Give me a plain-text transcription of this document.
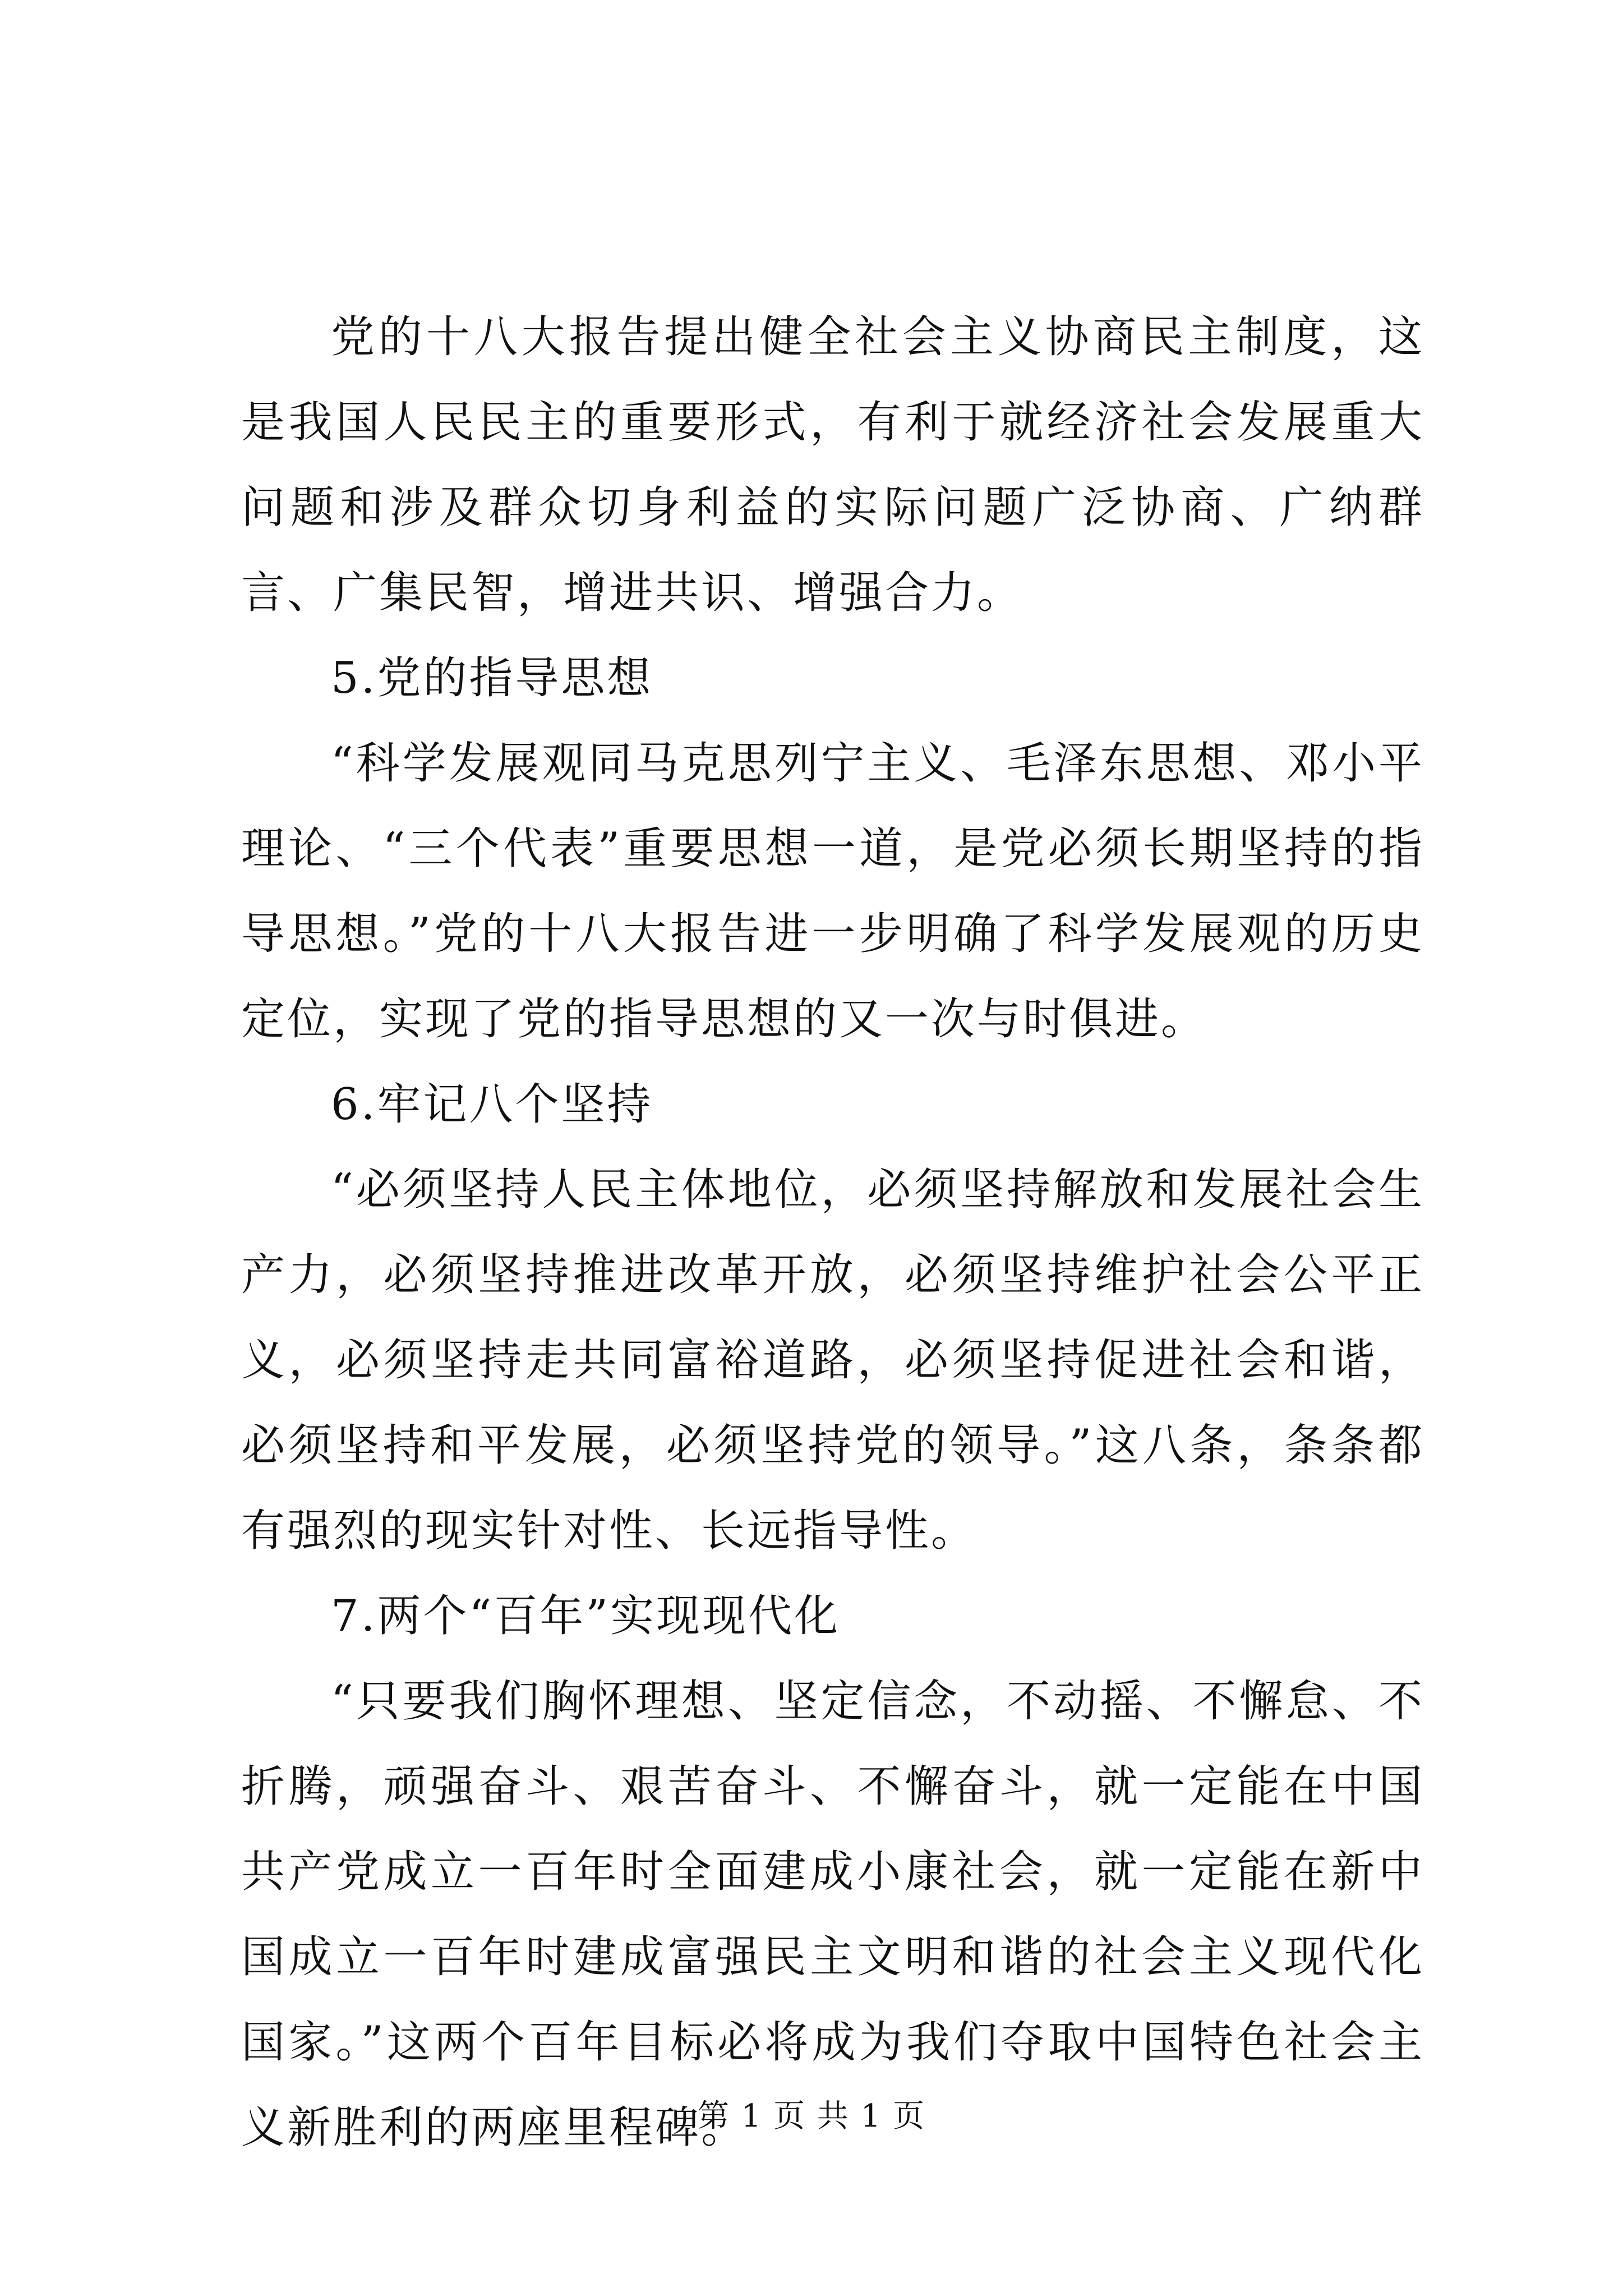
党的十八大报告提出健全社会主义协商民主制度，这是我国人民民主的重要形式，有利于就经济社会发展重大问题和涉及群众切身利益的实际问题广泛协商、广纳群言、广集民智，增进共识、增强合力。

5.党的指导思想

“科学发展观同马克思列宁主义、毛泽东思想、邓小平理论、“三个代表”重要思想一道，是党必须长期坚持的指导思想。”党的十八大报告进一步明确了科学发展观的历史定位，实现了党的指导思想的又一次与时俱进。

6.牢记八个坚持

“必须坚持人民主体地位，必须坚持解放和发展社会生产力，必须坚持推进改革开放，必须坚持维护社会公平正义，必须坚持走共同富裕道路，必须坚持促进社会和谐，必须坚持和平发展，必须坚持党的领导。”这八条，条条都有强烈的现实针对性、长远指导性。

7.两个“百年”实现现代化

“只要我们胸怀理想、坚定信念，不动摇、不懈怠、不折腾，顽强奋斗、艰苦奋斗、不懈奋斗，就一定能在中国共产党成立一百年时全面建成小康社会，就一定能在新中国成立一百年时建成富强民主文明和谐的社会主义现代化国家。”这两个百年目标必将成为我们夺取中国特色社会主义新胜利的两座里程碑。

第 1 页 共 1 页
